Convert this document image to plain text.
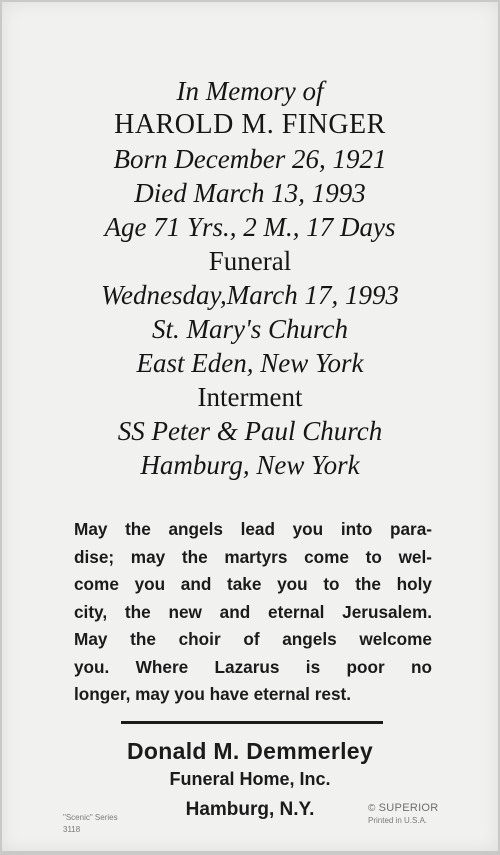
In Memory of
HAROLD M. FINGER
Born December 26, 1921
Died March 13, 1993
Age 71 Yrs., 2 M., 17 Days
Funeral
Wednesday,March 17, 1993
St. Mary's Church
East Eden, New York
Interment
SS Peter & Paul Church
Hamburg, New York
May the angels lead you into para-
dise; may the martyrs come to wel-
come you and take you to the holy
city, the new and eternal Jerusalem.
May the choir of angels welcome
you. Where Lazarus is poor no
longer, may you have eternal rest.
Donald M. Demmerley
Funeral Home, Inc.
Hamburg, N.Y.
"Scenic" Series
3118
© SUPERIOR
Printed in U.S.A.
